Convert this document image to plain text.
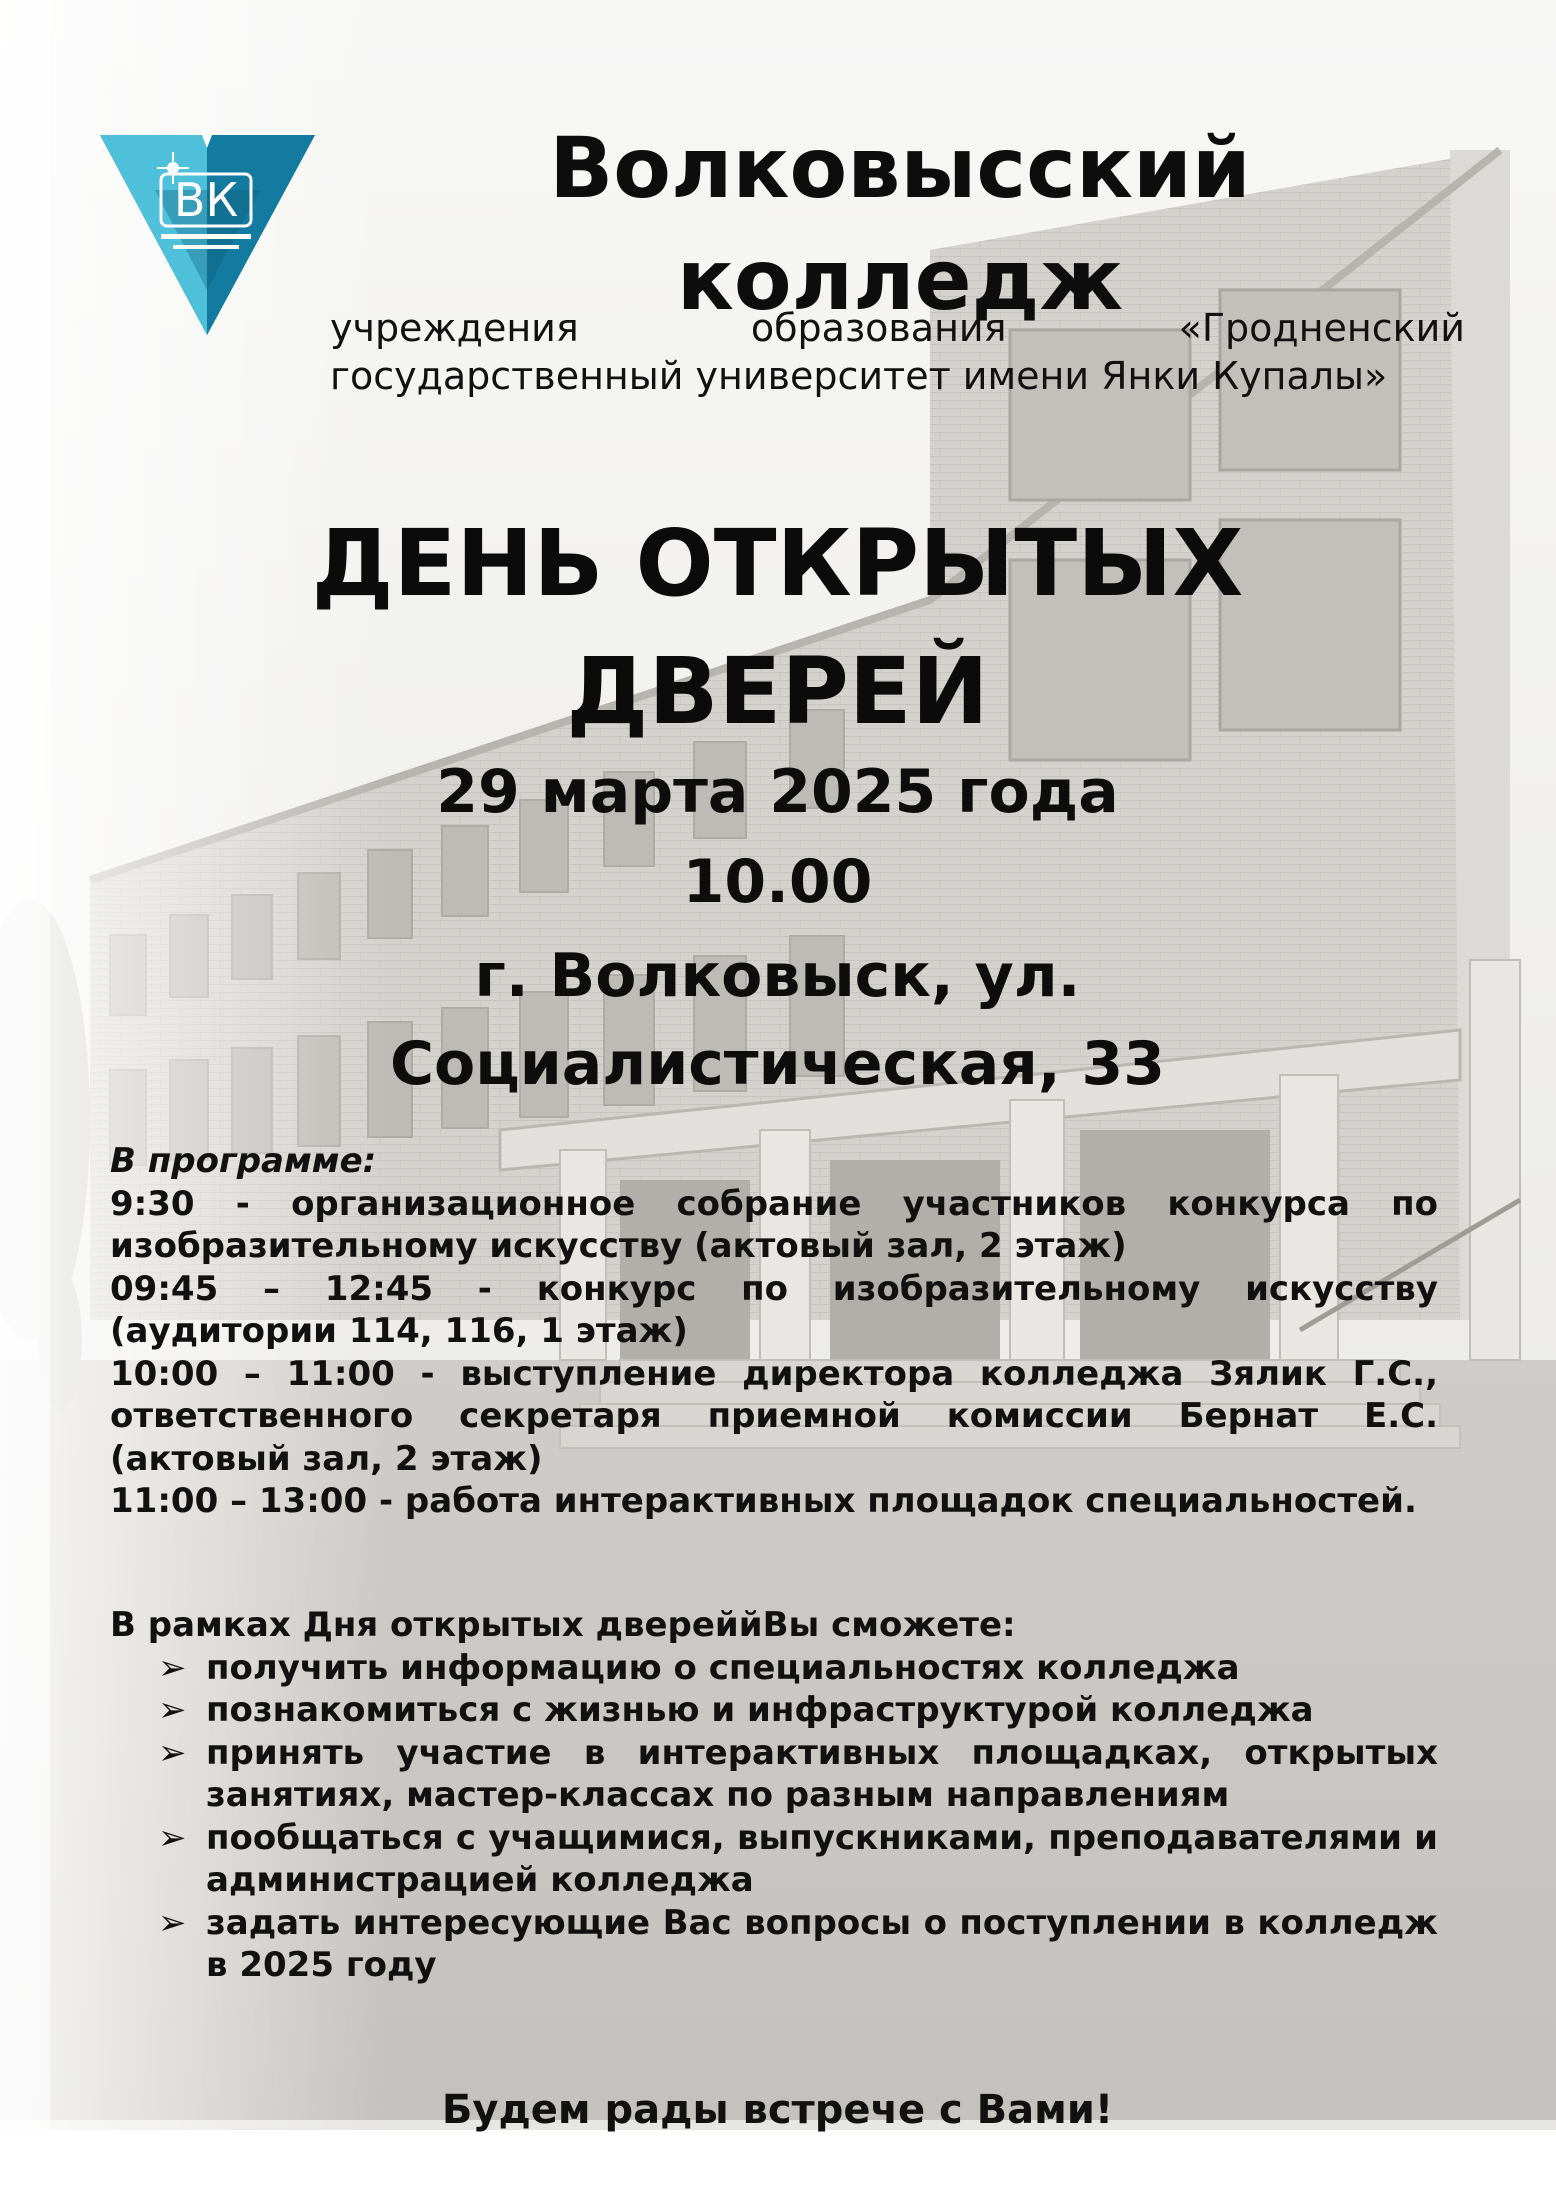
ВК	Волковысский
колледж

учреждения образования «Гродненский государственный университет имени Янки Купалы»

ДЕНЬ ОТКРЫТЫХ
ДВЕРЕЙ

29 марта 2025 года

10.00

г. Волковыск, ул.
Социалистическая, 33

В программе:
9:30 - организационное собрание участников конкурса по изобразительному искусству (актовый зал, 2 этаж)
09:45 – 12:45 - конкурс по изобразительному искусству (аудитории 114, 116, 1 этаж)
10:00 – 11:00 - выступление директора колледжа Зялик Г.С., ответственного секретаря приемной комиссии Бернат Е.С. (актовый зал, 2 этаж)
11:00 – 13:00 - работа интерактивных площадок специальностей.
В рамках Дня открытых двереййВы сможете:
➢ получить информацию о специальностях колледжа
➢ познакомиться с жизнью и инфраструктурой колледжа
➢ принять участие в интерактивных площадках, открытых занятиях, мастер-классах по разным направлениям
➢ пообщаться с учащимися, выпускниками, преподавателями и администрацией колледжа
➢ задать интересующие Вас вопросы о поступлении в колледж в 2025 году

Будем рады встрече с Вами!
